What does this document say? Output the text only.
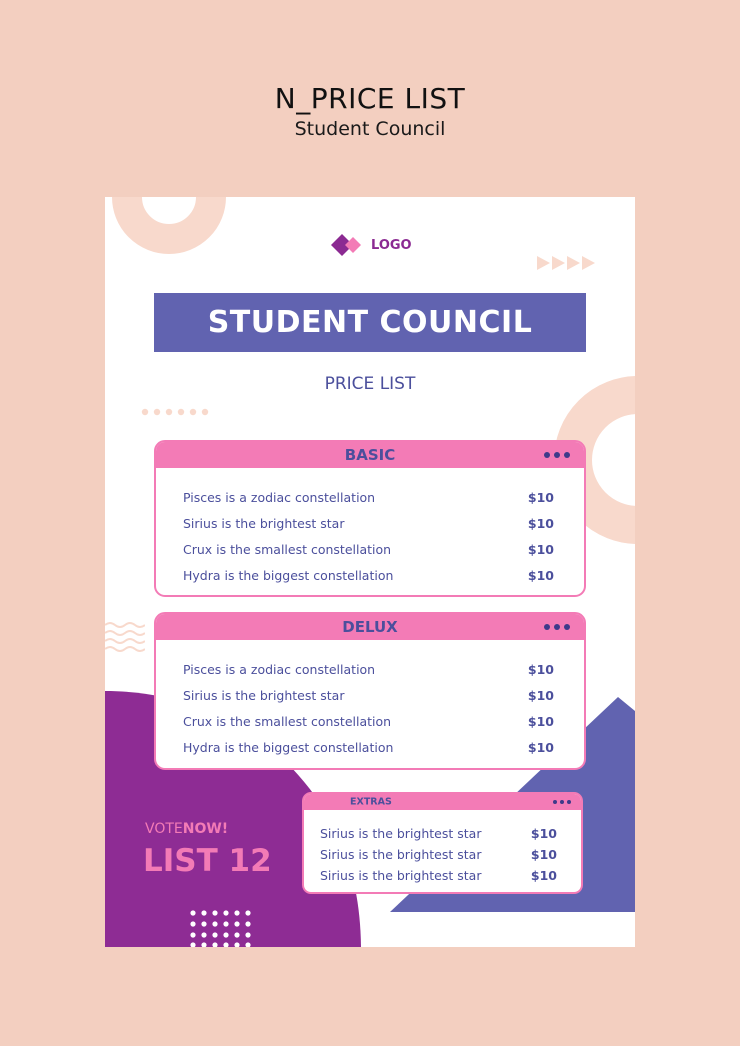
N_PRICE LIST
Student Council
LOGO
STUDENT COUNCIL
PRICE LIST
BASIC
Pisces is a zodiac constellation	$10
Sirius is the brightest star	$10
Crux is the smallest constellation	$10
Hydra is the biggest constellation	$10
DELUX
Pisces is a zodiac constellation	$10
Sirius is the brightest star	$10
Crux is the smallest constellation	$10
Hydra is the biggest constellation	$10
EXTRAS
Sirius is the brightest star	$10
Sirius is the brightest star	$10
Sirius is the brightest star	$10
VOTENOW!
LIST 12
